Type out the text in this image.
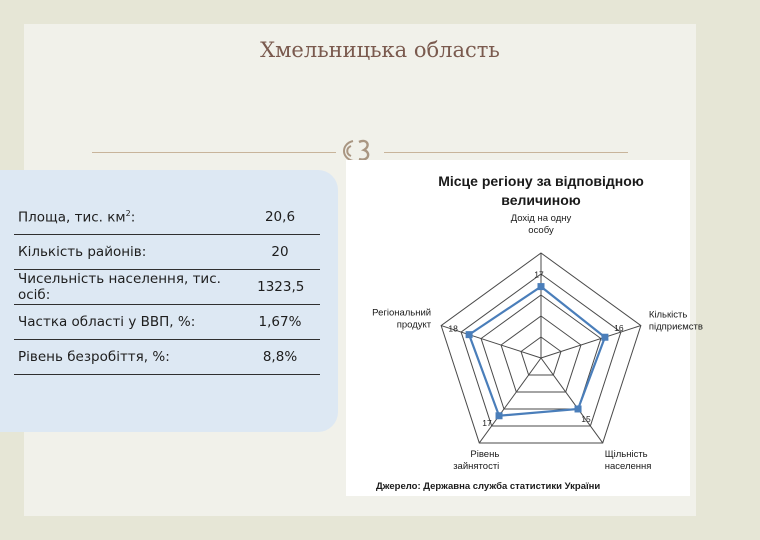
Хмельницька область
Площа, тис. $км^2$:	20,6
Кількість районів:	20
Чисельність населення, тис. осіб:	1323,5
Частка області у ВВП, %:	1,67%
Рівень безробіття, %:	8,8%
Місце регіону за відповідною величиною
17
16
15
17
18
Дохід на одну особу
Кількість підприємств
Щільність населення
Рівень зайнятості
Регіональний продукт
Джерело: Державна служба статистики України
